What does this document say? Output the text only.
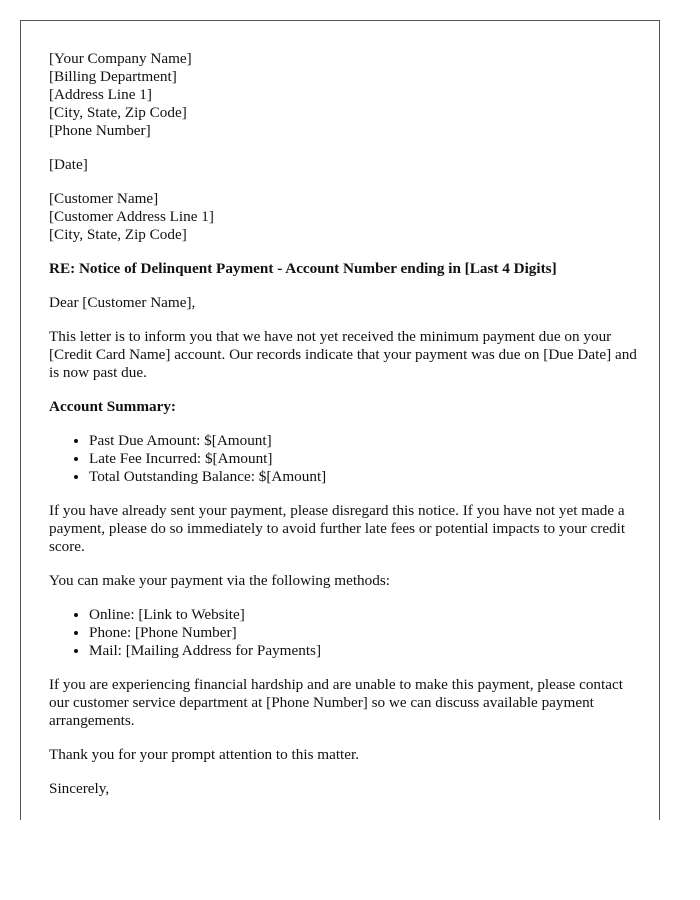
[Your Company Name]
[Billing Department]
[Address Line 1]
[City, State, Zip Code]
[Phone Number]
[Date]
[Customer Name]
[Customer Address Line 1]
[City, State, Zip Code]

RE: Notice of Delinquent Payment - Account Number ending in [Last 4 Digits]

Dear [Customer Name],

This letter is to inform you that we have not yet received the minimum payment due on your [Credit Card Name] account. Our records indicate that your payment was due on [Due Date] and is now past due.

Account Summary:

• Past Due Amount: $[Amount]
• Late Fee Incurred: $[Amount]
• Total Outstanding Balance: $[Amount]

If you have already sent your payment, please disregard this notice. If you have not yet made a payment, please do so immediately to avoid further late fees or potential impacts to your credit score.

You can make your payment via the following methods:

• Online: [Link to Website]
• Phone: [Phone Number]
• Mail: [Mailing Address for Payments]

If you are experiencing financial hardship and are unable to make this payment, please contact our customer service department at [Phone Number] so we can discuss available payment arrangements.

Thank you for your prompt attention to this matter.

Sincerely,
